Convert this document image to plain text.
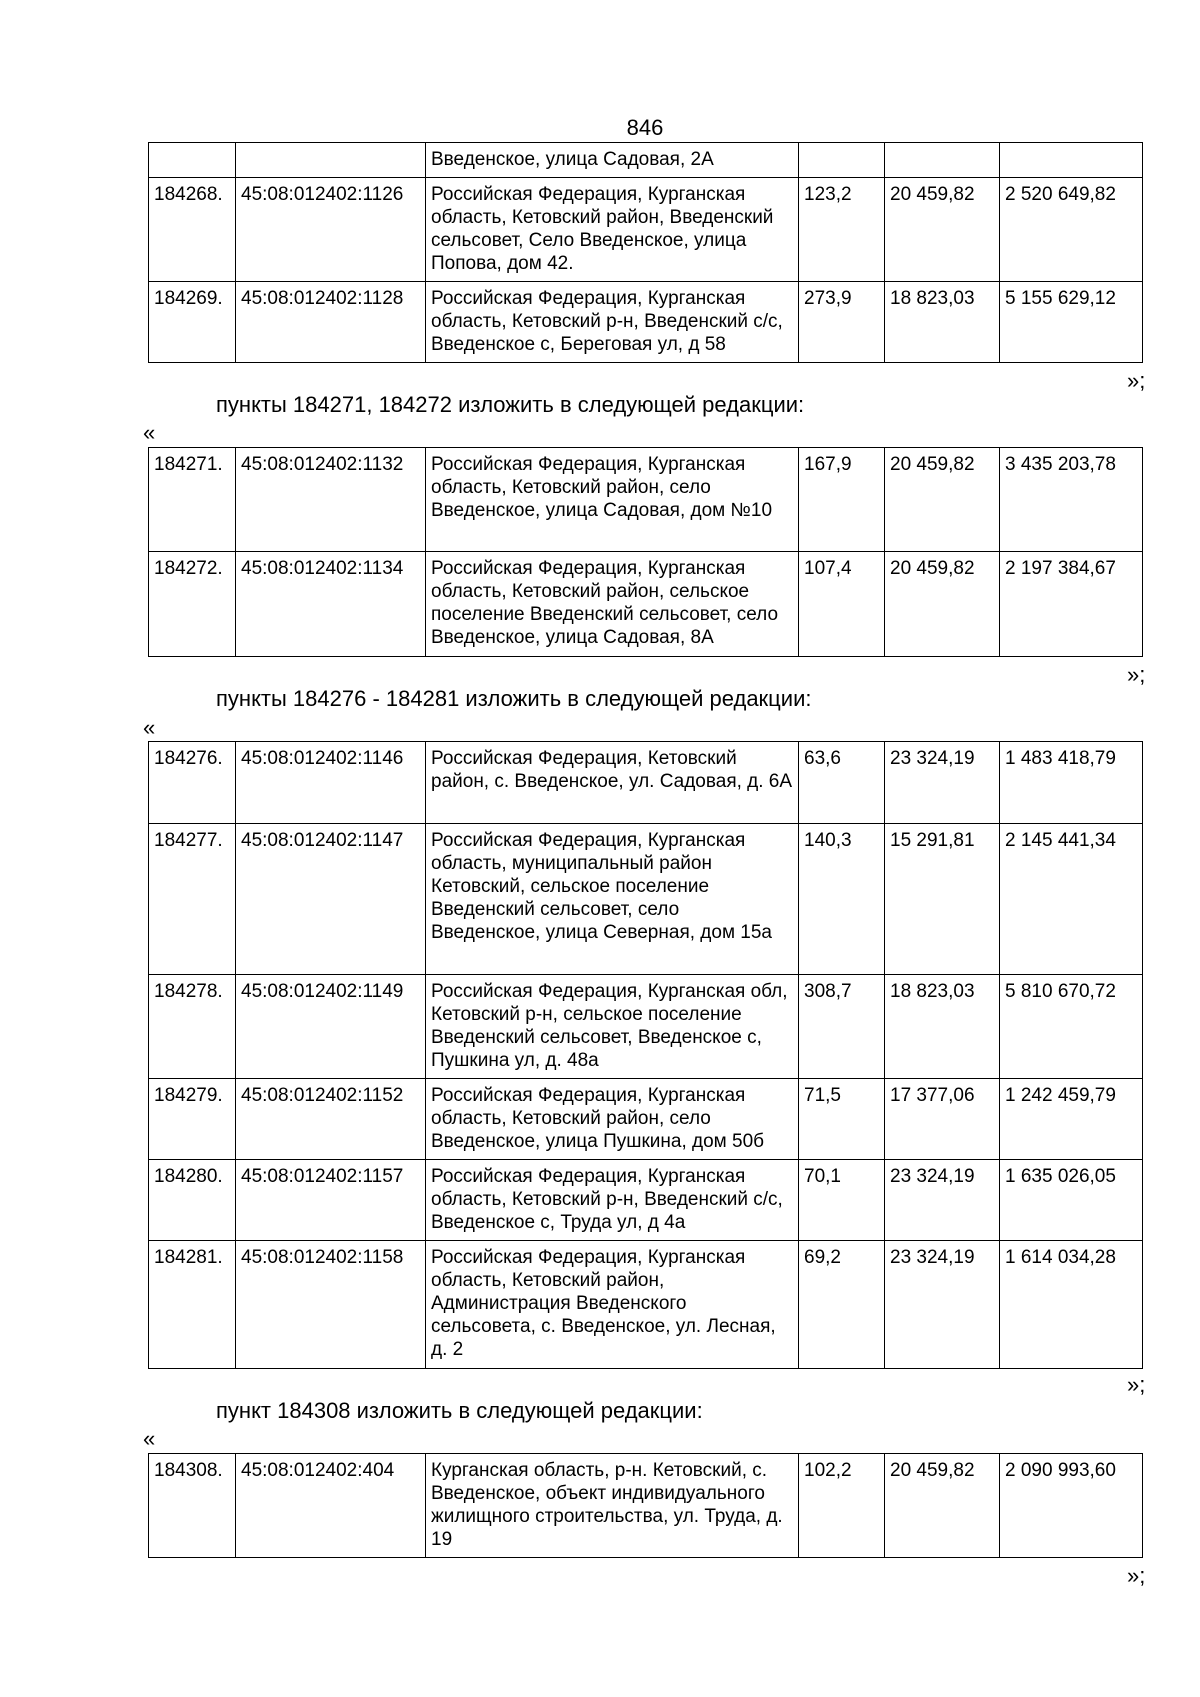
846
		Введенское, улица Садовая, 2А			
184268.	45:08:012402:1126	Российская Федерация, Курганская область, Кетовский район, Введенский сельсовет, Село Введенское, улица Попова, дом 42.	123,2	20 459,82	2 520 649,82
184269.	45:08:012402:1128	Российская Федерация, Курганская область, Кетовский р-н, Введенский с/с, Введенское с, Береговая ул, д 58	273,9	18 823,03	5 155 629,12
»;
пункты 184271, 184272 изложить в следующей редакции:
«
184271.	45:08:012402:1132	Российская Федерация, Курганская область, Кетовский район, село Введенское, улица Садовая, дом №10	167,9	20 459,82	3 435 203,78
184272.	45:08:012402:1134	Российская Федерация, Курганская область, Кетовский район, сельское поселение Введенский сельсовет, село Введенское, улица Садовая, 8А	107,4	20 459,82	2 197 384,67
»;
пункты 184276 - 184281 изложить в следующей редакции:
«
184276.	45:08:012402:1146	Российская Федерация, Кетовский район, с. Введенское, ул. Садовая, д. 6А	63,6	23 324,19	1 483 418,79
184277.	45:08:012402:1147	Российская Федерация, Курганская область, муниципальный район Кетовский, сельское поселение Введенский сельсовет, село Введенское, улица Северная, дом 15а	140,3	15 291,81	2 145 441,34
184278.	45:08:012402:1149	Российская Федерация, Курганская обл, Кетовский р-н, сельское поселение Введенский сельсовет, Введенское с, Пушкина ул, д. 48а	308,7	18 823,03	5 810 670,72
184279.	45:08:012402:1152	Российская Федерация, Курганская область, Кетовский район, село Введенское, улица Пушкина, дом 50б	71,5	17 377,06	1 242 459,79
184280.	45:08:012402:1157	Российская Федерация, Курганская область, Кетовский р-н, Введенский с/с, Введенское с, Труда ул, д 4а	70,1	23 324,19	1 635 026,05
184281.	45:08:012402:1158	Российская Федерация, Курганская область, Кетовский район, Администрация Введенского сельсовета, с. Введенское, ул. Лесная, д. 2	69,2	23 324,19	1 614 034,28
»;
пункт 184308 изложить в следующей редакции:
«
184308.	45:08:012402:404	Курганская область, р-н. Кетовский, с. Введенское, объект индивидуального жилищного строительства, ул. Труда, д. 19	102,2	20 459,82	2 090 993,60
»;
